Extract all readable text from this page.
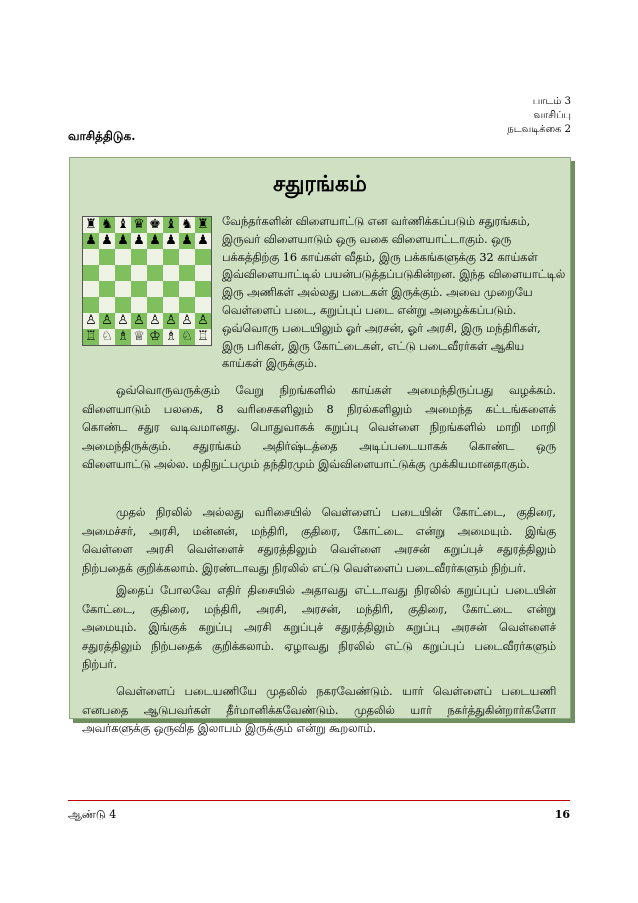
பாடம் 3
வாசிப்பு
நடவடிக்கை 2
வாசித்திடுக.
சதுரங்கம்
♜ ♞ ♝ ♛ ♚ ♝ ♞ ♜
♟ ♟ ♟ ♟ ♟ ♟ ♟ ♟
♙ ♙ ♙ ♙ ♙ ♙ ♙ ♙
♖ ♘ ♗ ♕ ♔ ♗ ♘ ♖
வேந்தர்களின் விளையாட்டு என வர்ணிக்கப்படும் சதுரங்கம்,
இருவர் விளையாடும் ஒரு வகை விளையாட்டாகும். ஒரு
பக்கத்திற்கு 16 காய்கள் வீதம், இரு பக்கங்களுக்கு 32 காய்கள்
இவ்விளையாட்டில் பயன்படுத்தப்படுகின்றன. இந்த விளையாட்டில்
இரு அணிகள் அல்லது படைகள் இருக்கும். அவை முறையே
வெள்ளைப் படை, கறுப்புப் படை என்று அழைக்கப்படும்.
ஒவ்வொரு படையிலும் ஓர் அரசன், ஓர் அரசி, இரு மந்திரிகள்,
இரு பரிகள், இரு கோட்டைகள், எட்டு படைவீரர்கள் ஆகிய
காய்கள் இருக்கும்.
ஒவ்வொருவருக்கும் வேறு நிறங்களில் காய்கள் அமைந்திருப்பது வழக்கம்.
விளையாடும் பலகை, 8 வரிசைகளிலும் 8 நிரல்களிலும் அமைந்த கட்டங்களைக்
கொண்ட சதுர வடிவமானது. பொதுவாகக் கறுப்பு வெள்ளை நிறங்களில் மாறி மாறி
அமைந்திருக்கும். சதுரங்கம் அதிர்ஷ்டத்தை அடிப்படையாகக் கொண்ட ஒரு
விளையாட்டு அல்ல. மதிநுட்பமும் தந்திரமும் இவ்விளையாட்டுக்கு முக்கியமானதாகும்.
முதல் நிரலில் அல்லது வரிசையில் வெள்ளைப் படையின் கோட்டை, குதிரை,
அமைச்சர், அரசி, மன்னன், மந்திரி, குதிரை, கோட்டை என்று அமையும். இங்கு
வெள்ளை அரசி வெள்ளைச் சதுரத்திலும் வெள்ளை அரசன் கறுப்புச் சதுரத்திலும்
நிற்பதைக் குறிக்கலாம். இரண்டாவது நிரலில் எட்டு வெள்ளைப் படைவீரர்களும் நிற்பர்.
இதைப் போலவே எதிர் திசையில் அதாவது எட்டாவது நிரலில் கறுப்புப் படையின்
கோட்டை, குதிரை, மந்திரி, அரசி, அரசன், மந்திரி, குதிரை, கோட்டை என்று
அமையும். இங்குக் கறுப்பு அரசி கறுப்புச் சதுரத்திலும் கறுப்பு அரசன் வெள்ளைச்
சதுரத்திலும் நிற்பதைக் குறிக்கலாம். ஏழாவது நிரலில் எட்டு கறுப்புப் படைவீரர்களும்
நிற்பர்.
வெள்ளைப் படையணியே முதலில் நகரவேண்டும். யார் வெள்ளைப் படையணி
எனபதை ஆடுபவர்கள் தீர்மானிக்கவேண்டும். முதலில் யார் நகர்த்துகின்றார்களோ
அவர்களுக்கு ஒருவித இலாபம் இருக்கும் என்று கூறலாம்.
ஆண்டு 4	16
